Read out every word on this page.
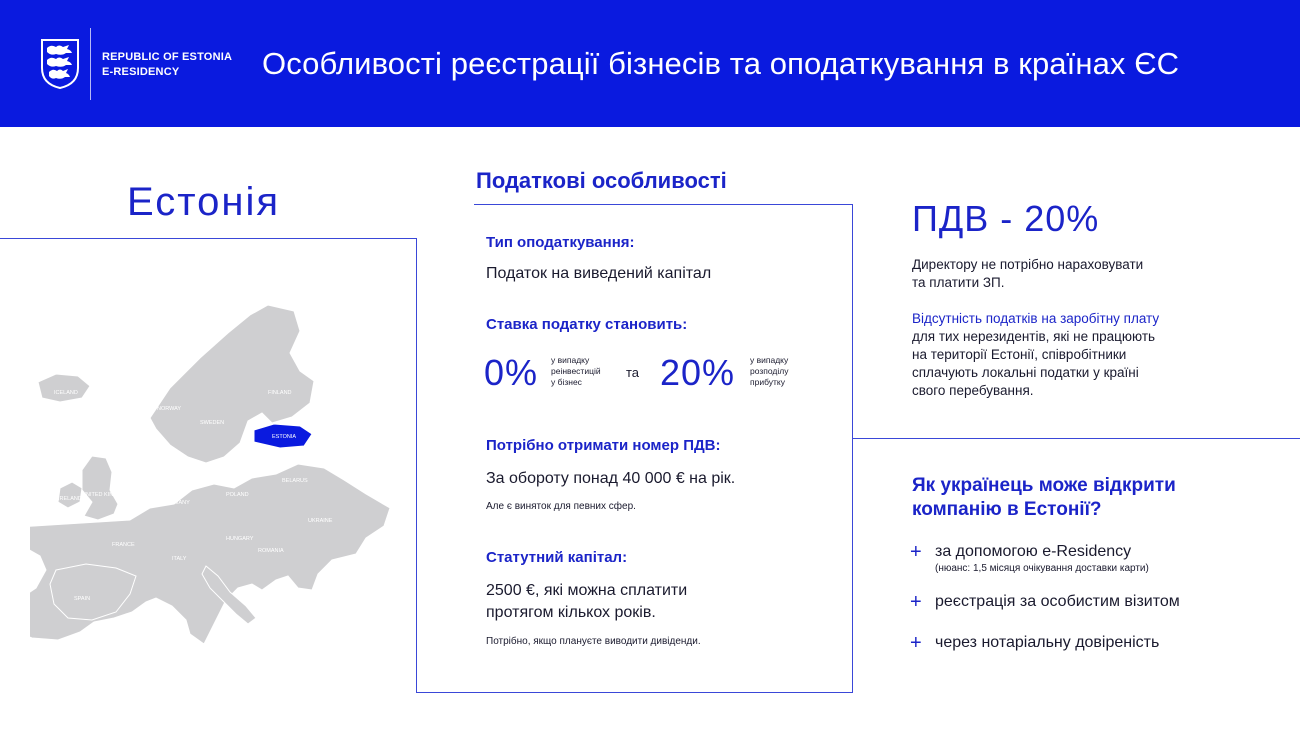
REPUBLIC OF ESTONIA
E-RESIDENCY	Особливості реєстрації бізнесів та оподаткування в країнах ЄС
Естонія
ICELAND
NORWAY
SWEDEN
FINLAND
ESTONIA
LATVIA
LITHUANIA
BELARUS
POLAND
GERMANY
UNITED KINGDOM
IRELAND
FRANCE
SPAIN
ITALY
UKRAINE
ROMANIA
HUNGARY
Податкові особливості
Тип оподаткування:
Податок на виведений капітал
Ставка податку становить:
0% у випадку
реінвестицій
у бізнес
та 20% у випадку
розподілу
прибутку
Потрібно отримати номер ПДВ:
За обороту понад 40 000 € на рік.
Але є виняток для певних сфер.
Статутний капітал:
2500 €, які можна сплатити
протягом кількох років.
Потрібно, якщо плануєте виводити дивіденди.
ПДВ - 20%
Директору не потрібно нараховувати
та платити ЗП.
Відсутність податків на заробітну плату
для тих нерезидентів, які не працюють
на території Естонії, співробітники
сплачують локальні податки у країні
свого перебування.
Як українець може відкрити
компанію в Естонії?
+ за допомогою e-Residency
(нюанс: 1,5 місяця очікування доставки карти)
+ реєстрація за особистим візитом
+ через нотаріальну довіреність
